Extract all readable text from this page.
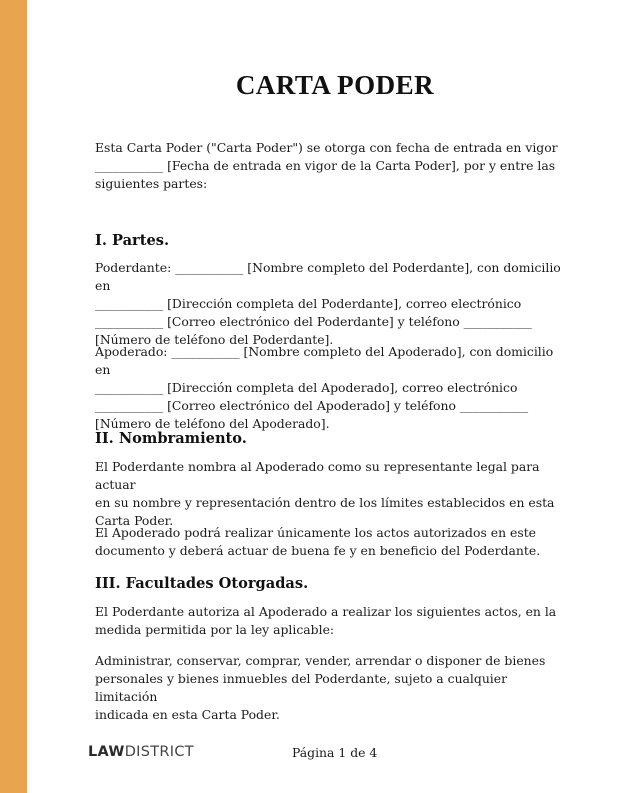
CARTA PODER

Esta Carta Poder ("Carta Poder") se otorga con fecha de entrada en vigor
___________ [Fecha de entrada en vigor de la Carta Poder], por y entre las
siguientes partes:

I. Partes.

Poderdante: ___________ [Nombre completo del Poderdante], con domicilio en
___________ [Dirección completa del Poderdante], correo electrónico
___________ [Correo electrónico del Poderdante] y teléfono ___________
[Número de teléfono del Poderdante].

Apoderado: ___________ [Nombre completo del Apoderado], con domicilio en
___________ [Dirección completa del Apoderado], correo electrónico
___________ [Correo electrónico del Apoderado] y teléfono ___________
[Número de teléfono del Apoderado].

II. Nombramiento.

El Poderdante nombra al Apoderado como su representante legal para actuar
en su nombre y representación dentro de los límites establecidos en esta
Carta Poder.

El Apoderado podrá realizar únicamente los actos autorizados en este
documento y deberá actuar de buena fe y en beneficio del Poderdante.

III. Facultades Otorgadas.

El Poderdante autoriza al Apoderado a realizar los siguientes actos, en la
medida permitida por la ley aplicable:

Administrar, conservar, comprar, vender, arrendar o disponer de bienes
personales y bienes inmuebles del Poderdante, sujeto a cualquier limitación
indicada en esta Carta Poder.

LAWDISTRICT	Página 1 de 4
